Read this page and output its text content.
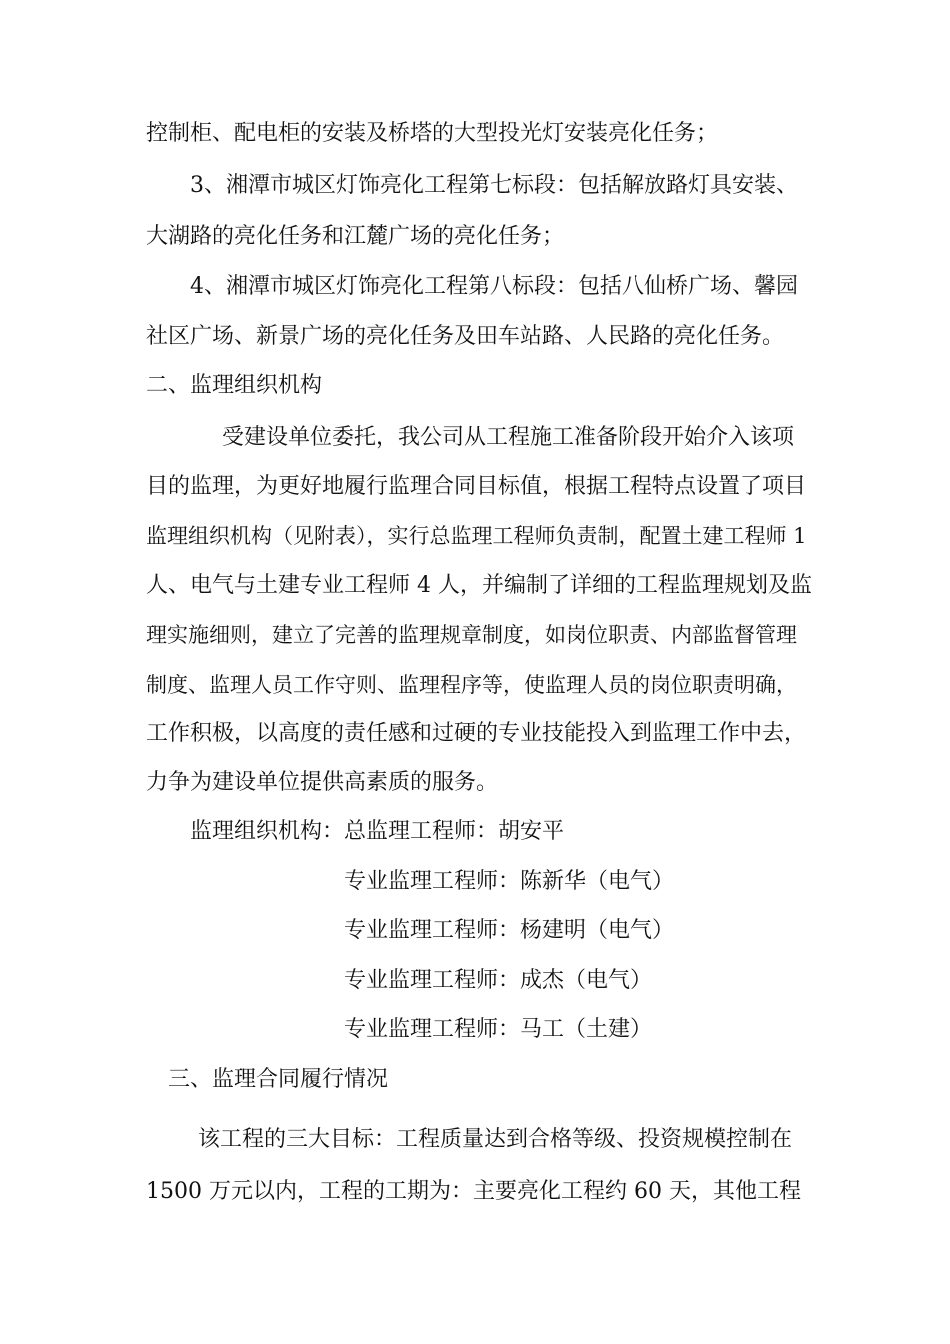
控制柜、配电柜的安装及桥塔的大型投光灯安装亮化任务；
3、湘潭市城区灯饰亮化工程第七标段：包括解放路灯具安装、
大湖路的亮化任务和江麓广场的亮化任务；
4、湘潭市城区灯饰亮化工程第八标段：包括八仙桥广场、馨园
社区广场、新景广场的亮化任务及田车站路、人民路的亮化任务。
二、监理组织机构
受建设单位委托，我公司从工程施工准备阶段开始介入该项
目的监理，为更好地履行监理合同目标值，根据工程特点设置了项目
监理组织机构（见附表），实行总监理工程师负责制，配置土建工程师 1
人、电气与土建专业工程师 4 人，并编制了详细的工程监理规划及监
理实施细则，建立了完善的监理规章制度，如岗位职责、内部监督管理
制度、监理人员工作守则、监理程序等，使监理人员的岗位职责明确，
工作积极，以高度的责任感和过硬的专业技能投入到监理工作中去，
力争为建设单位提供高素质的服务。
监理组织机构：总监理工程师：胡安平
专业监理工程师：陈新华（电气）
专业监理工程师：杨建明（电气）
专业监理工程师：成杰（电气）
专业监理工程师：马工（土建）
三、监理合同履行情况
该工程的三大目标：工程质量达到合格等级、投资规模控制在
1500 万元以内，工程的工期为：主要亮化工程约 60 天，其他工程
